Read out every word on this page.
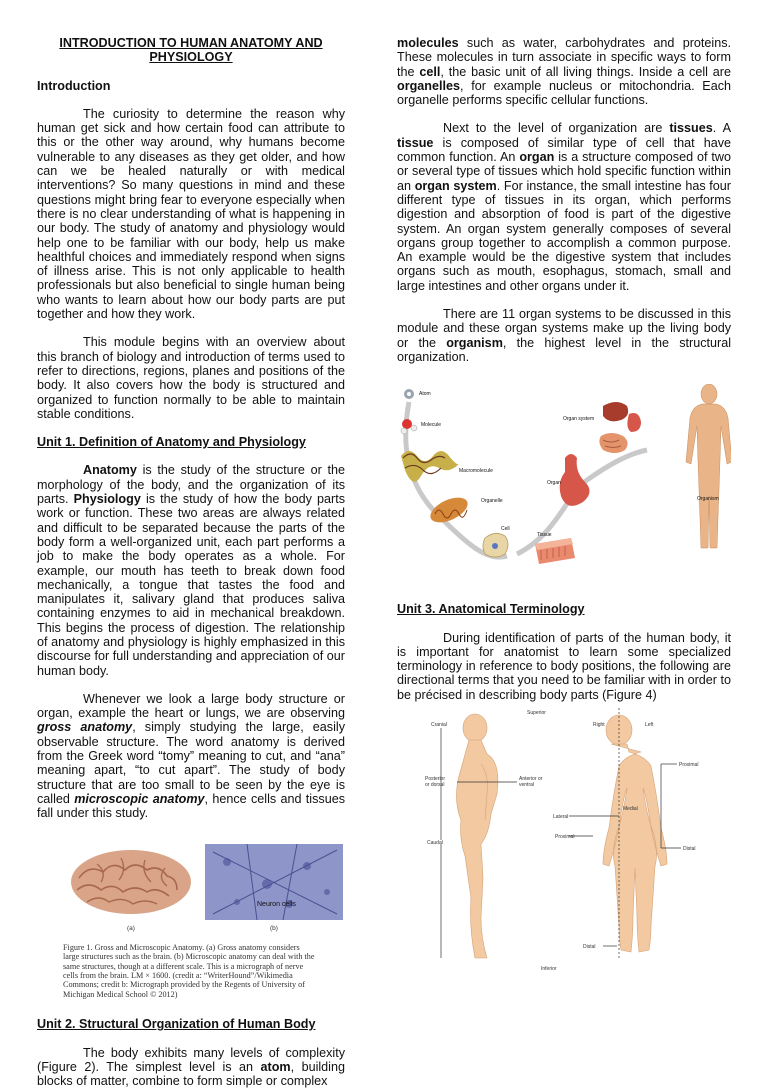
INTRODUCTION TO HUMAN ANATOMY AND PHYSIOLOGY

Introduction

The curiosity to determine the reason why human get sick and how certain food can attribute to this or the other way around, why humans become vulnerable to any diseases as they get older, and how can we be healed naturally or with medical interventions? So many questions in mind and these questions might bring fear to everyone especially when there is no clear understanding of what is happening in our body. The study of anatomy and physiology would help one to be familiar with our body, help us make healthful choices and immediately respond when signs of illness arise. This is not only applicable to health professionals but also beneficial to single human being who wants to learn about how our body parts are put together and how they work.

This module begins with an overview about this branch of biology and introduction of terms used to refer to directions, regions, planes and positions of the body. It also covers how the body is structured and organized to function normally to be able to maintain stable conditions.

Unit 1. Definition of Anatomy and Physiology

Anatomy is the study of the structure or the morphology of the body, and the organization of its parts. Physiology is the study of how the body parts work or function. These two areas are always related and difficult to be separated because the parts of the body form a well-organized unit, each part performs a job to make the body operates as a whole. For example, our mouth has teeth to break down food mechanically, a tongue that tastes the food and manipulates it, salivary gland that produces saliva containing enzymes to aid in mechanical breakdown. This begins the process of digestion. The relationship of anatomy and physiology is highly emphasized in this discourse for full understanding and appreciation of our human body.

Whenever we look a large body structure or organ, example the heart or lungs, we are observing gross anatomy, simply studying the large, easily observable structure. The word anatomy is derived from the Greek word “tomy” meaning to cut, and “ana” meaning apart, “to cut apart”. The study of body structure that are too small to be seen by the eye is called microscopic anatomy, hence cells and tissues fall under this study.

Neuron cells
(a)	(b)

Figure 1. Gross and Microscopic Anatomy. (a) Gross anatomy considers large structures such as the brain. (b) Microscopic anatomy can deal with the same structures, though at a different scale. This is a micrograph of nerve cells from the brain. LM × 1600. (credit a: “WriterHound”/Wikimedia Commons; credit b: Micrograph provided by the Regents of University of Michigan Medical School © 2012)

Unit 2. Structural Organization of Human Body

The body exhibits many levels of complexity (Figure 2). The simplest level is an atom, building blocks of matter, combine to form simple or complex

molecules such as water, carbohydrates and proteins. These molecules in turn associate in specific ways to form the cell, the basic unit of all living things. Inside a cell are organelles, for example nucleus or mitochondria. Each organelle performs specific cellular functions.

Next to the level of organization are tissues. A tissue is composed of similar type of cell that have common function. An organ is a structure composed of two or several type of tissues which hold specific function within an organ system. For instance, the small intestine has four different type of tissues in its organ, which performs digestion and absorption of food is part of the digestive system. An organ system generally composes of several organs group together to accomplish a common purpose. An example would be the digestive system that includes organs such as mouth, esophagus, stomach, small and large intestines and other organs under it.

There are 11 organ systems to be discussed in this module and these organ systems make up the living body or the organism, the highest level in the structural organization.

Atom
Molecule
Macromolecule
Organelle
Cell
Tissue
Organ
Organ system
Organism

Unit 3. Anatomical Terminology

During identification of parts of the human body, it is important for anatomist to learn some specialized terminology in reference to body positions, the following are directional terms that you need to be familiar with in order to be précised in describing body parts (Figure 4)

Superior
Cranial	Right	Left
Posterior or dorsal
Anterior or ventral
Proximal
Medial
Lateral
Proximal
Caudal
Distal
Distal
Inferior
